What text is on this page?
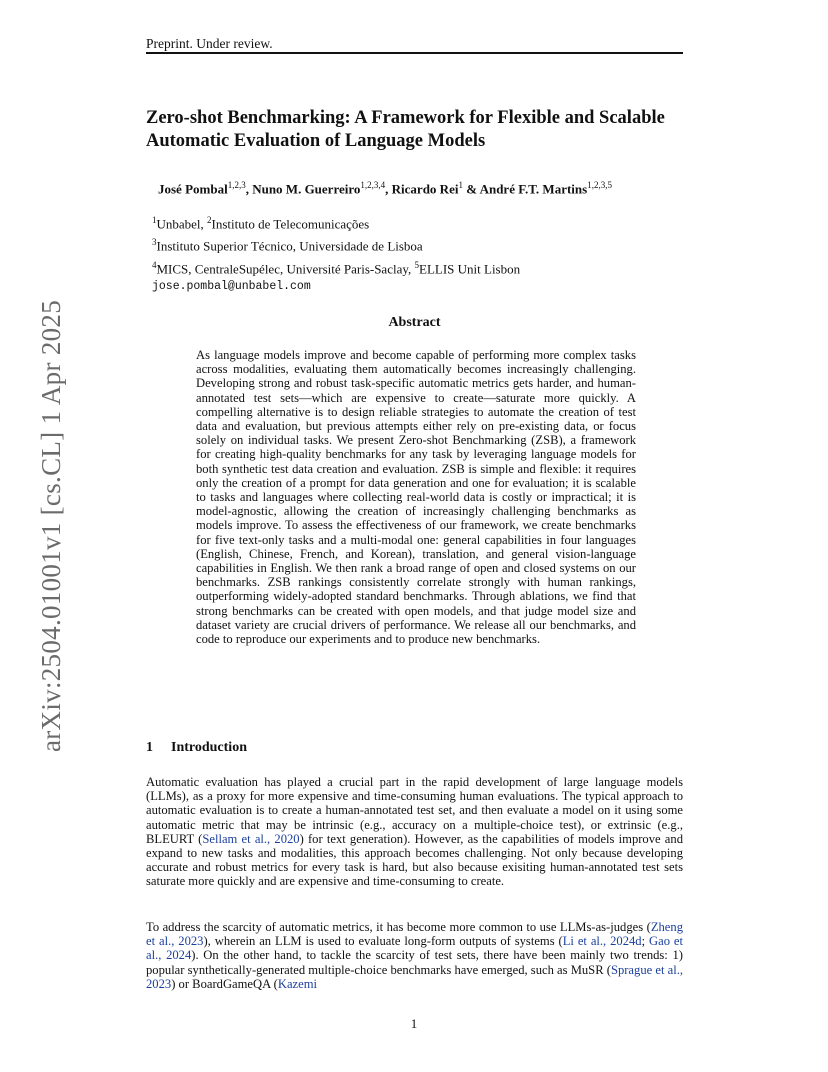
Preprint. Under review.
Zero-shot Benchmarking: A Framework for Flexible and Scalable Automatic Evaluation of Language Models
José Pombal$^{1,2,3}$, Nuno M. Guerreiro$^{1,2,3,4}$, Ricardo Rei$^1$ & André F.T. Martins$^{1,2,3,5}$
$^1$Unbabel, $^2$Instituto de Telecomunicações
$^3$Instituto Superior Técnico, Universidade de Lisboa
$^4$MICS, CentraleSupélec, Université Paris-Saclay, $^5$ELLIS Unit Lisbon
jose.pombal@unbabel.com
arXiv:2504.01001v1 [cs.CL] 1 Apr 2025	Abstract
As language models improve and become capable of performing more complex tasks across modalities, evaluating them automatically becomes increasingly challenging. Developing strong and robust task-specific automatic metrics gets harder, and human-annotated test sets—which are expensive to create—saturate more quickly. A compelling alternative is to design reliable strategies to automate the creation of test data and evaluation, but previous attempts either rely on pre-existing data, or focus solely on individual tasks. We present Zero-shot Benchmarking (ZSB), a framework for creating high-quality benchmarks for any task by leveraging language models for both synthetic test data creation and evaluation. ZSB is simple and flexible: it requires only the creation of a prompt for data generation and one for evaluation; it is scalable to tasks and languages where collecting real-world data is costly or impractical; it is model-agnostic, allowing the creation of increasingly challenging benchmarks as models improve. To assess the effectiveness of our framework, we create benchmarks for five text-only tasks and a multi-modal one: general capabilities in four languages (English, Chinese, French, and Korean), translation, and general vision-language capabilities in English. We then rank a broad range of open and closed systems on our benchmarks. ZSB rankings consistently correlate strongly with human rankings, outperforming widely-adopted standard benchmarks. Through ablations, we find that strong benchmarks can be created with open models, and that judge model size and dataset variety are crucial drivers of performance. We release all our benchmarks, and code to reproduce our experiments and to produce new benchmarks.
1 Introduction
Automatic evaluation has played a crucial part in the rapid development of large language models (LLMs), as a proxy for more expensive and time-consuming human evaluations. The typical approach to automatic evaluation is to create a human-annotated test set, and then evaluate a model on it using some automatic metric that may be intrinsic (e.g., accuracy on a multiple-choice test), or extrinsic (e.g., BLEURT (Sellam et al., 2020) for text generation). However, as the capabilities of models improve and expand to new tasks and modalities, this approach becomes challenging. Not only because developing accurate and robust metrics for every task is hard, but also because exisiting human-annotated test sets saturate more quickly and are expensive and time-consuming to create.
To address the scarcity of automatic metrics, it has become more common to use LLMs-as-judges (Zheng et al., 2023), wherein an LLM is used to evaluate long-form outputs of systems (Li et al., 2024d; Gao et al., 2024). On the other hand, to tackle the scarcity of test sets, there have been mainly two trends: 1) popular synthetically-generated multiple-choice benchmarks have emerged, such as MuSR (Sprague et al., 2023) or BoardGameQA (Kazemi
1
